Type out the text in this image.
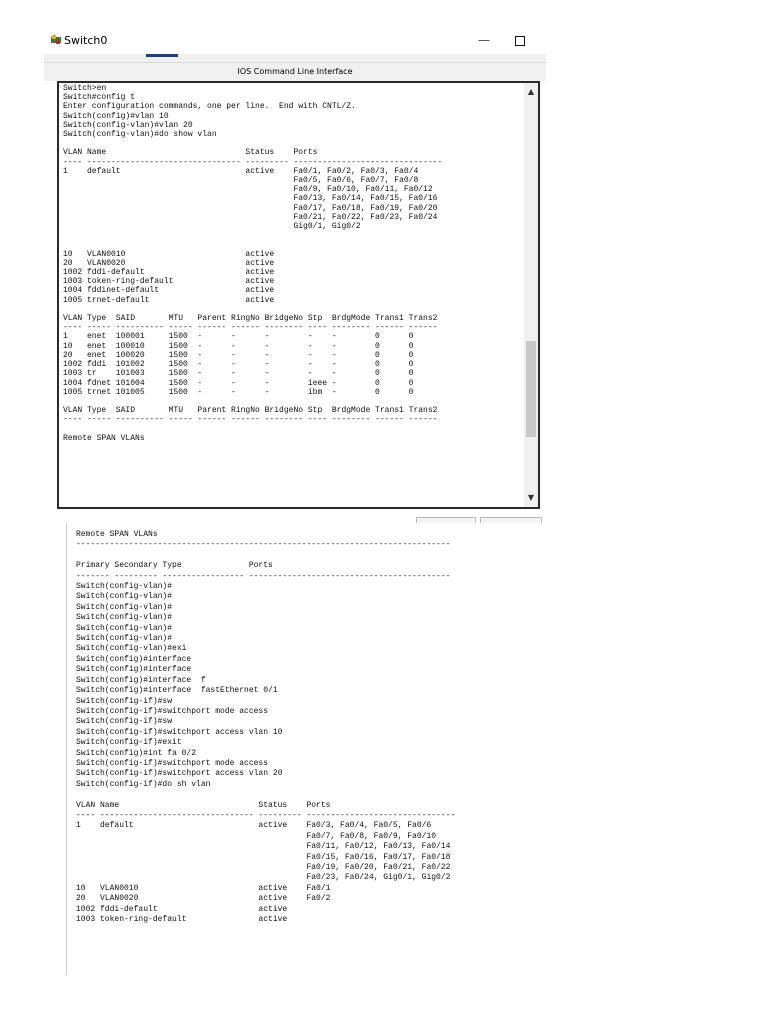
Switch0	—
IOS Command Line Interface
Switch>en
Switch#config t
Enter configuration commands, one per line.  End with CNTL/Z.
Switch(config)#vlan 10
Switch(config-vlan)#vlan 20
Switch(config-vlan)#do show vlan

VLAN Name                             Status    Ports
---- -------------------------------- --------- -------------------------------
1    default                          active    Fa0/1, Fa0/2, Fa0/3, Fa0/4
Fa0/5, Fa0/6, Fa0/7, Fa0/8
Fa0/9, Fa0/10, Fa0/11, Fa0/12
Fa0/13, Fa0/14, Fa0/15, Fa0/16
Fa0/17, Fa0/18, Fa0/19, Fa0/20
Fa0/21, Fa0/22, Fa0/23, Fa0/24
Gig0/1, Gig0/2

10   VLAN0010                         active
20   VLAN0020                         active
1002 fddi-default                     active
1003 token-ring-default               active
1004 fddinet-default                  active
1005 trnet-default                    active

VLAN Type  SAID       MTU   Parent RingNo BridgeNo Stp  BrdgMode Trans1 Trans2
---- ----- ---------- ----- ------ ------ -------- ---- -------- ------ ------
1    enet  100001     1500  -      -      -        -    -        0      0
10   enet  100010     1500  -      -      -        -    -        0      0
20   enet  100020     1500  -      -      -        -    -        0      0
1002 fddi  101002     1500  -      -      -        -    -        0      0
1003 tr    101003     1500  -      -      -        -    -        0      0
1004 fdnet 101004     1500  -      -      -        ieee -        0      0
1005 trnet 101005     1500  -      -      -        ibm  -        0      0

VLAN Type  SAID       MTU   Parent RingNo BridgeNo Stp  BrdgMode Trans1 Trans2
---- ----- ---------- ----- ------ ------ -------- ---- -------- ------ ------

Remote SPAN VLANs

▲
▼
Remote SPAN VLANs
------------------------------------------------------------------------------

Primary Secondary Type              Ports
------- --------- ----------------- ------------------------------------------
Switch(config-vlan)#
Switch(config-vlan)#
Switch(config-vlan)#
Switch(config-vlan)#
Switch(config-vlan)#
Switch(config-vlan)#
Switch(config-vlan)#exi
Switch(config)#interface
Switch(config)#interface
Switch(config)#interface  f
Switch(config)#interface  fastEthernet 0/1
Switch(config-if)#sw
Switch(config-if)#switchport mode access
Switch(config-if)#sw
Switch(config-if)#switchport access vlan 10
Switch(config-if)#exit
Switch(config)#int fa 0/2
Switch(config-if)#switchport mode access
Switch(config-if)#switchport access vlan 20
Switch(config-if)#do sh vlan

VLAN Name                             Status    Ports
---- -------------------------------- --------- -------------------------------
1    default                          active    Fa0/3, Fa0/4, Fa0/5, Fa0/6
Fa0/7, Fa0/8, Fa0/9, Fa0/10
Fa0/11, Fa0/12, Fa0/13, Fa0/14
Fa0/15, Fa0/16, Fa0/17, Fa0/18
Fa0/19, Fa0/20, Fa0/21, Fa0/22
Fa0/23, Fa0/24, Gig0/1, Gig0/2
10   VLAN0010                         active    Fa0/1
20   VLAN0020                         active    Fa0/2
1002 fddi-default                     active
1003 token-ring-default               active
